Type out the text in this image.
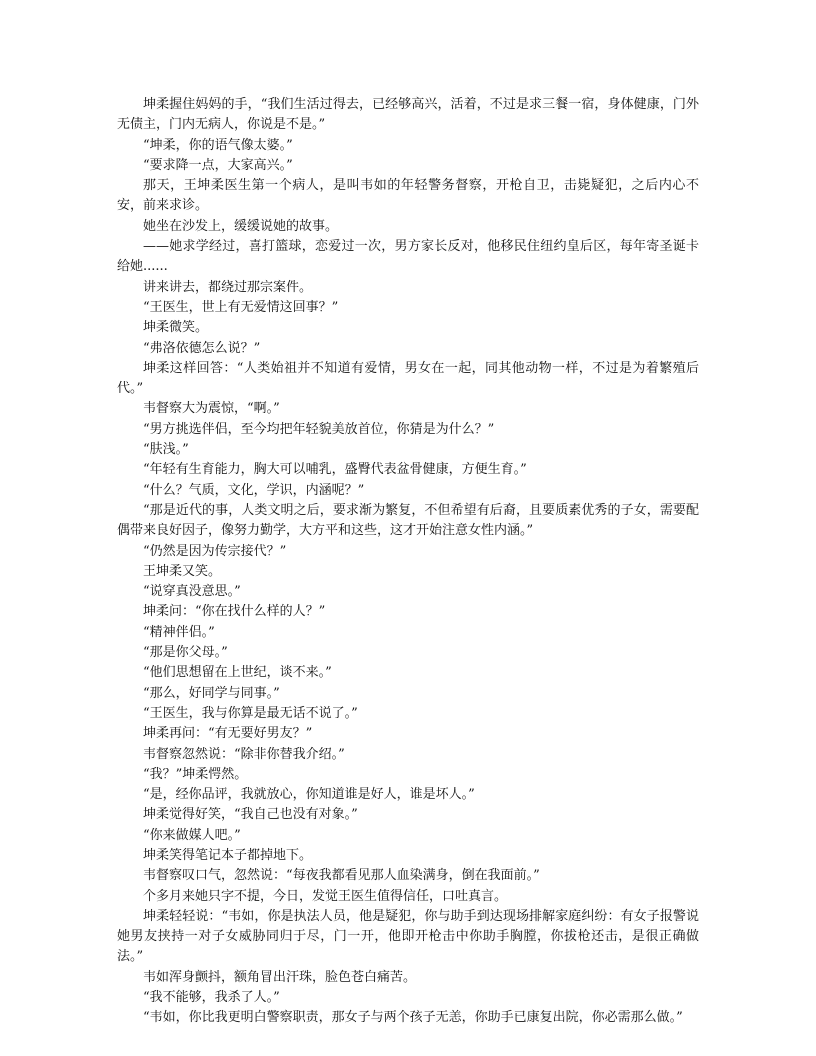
坤柔握住妈妈的手，“我们生活过得去，已经够高兴，活着，不过是求三餐一宿，身体健康，门外无债主，门内无病人，你说是不是。”

“坤柔，你的语气像太婆。”

“要求降一点，大家高兴。”

那天，王坤柔医生第一个病人，是叫韦如的年轻警务督察，开枪自卫，击毙疑犯，之后内心不安，前来求诊。

她坐在沙发上，缓缓说她的故事。

——她求学经过，喜打篮球，恋爱过一次，男方家长反对，他移民住纽约皇后区，每年寄圣诞卡给她......

讲来讲去，都绕过那宗案件。

“王医生，世上有无爱情这回事？”

坤柔微笑。

“弗洛依德怎么说？”

坤柔这样回答：“人类始祖并不知道有爱情，男女在一起，同其他动物一样，不过是为着繁殖后代。”

韦督察大为震惊，“啊。”

“男方挑选伴侣，至今均把年轻貌美放首位，你猜是为什么？”

“肤浅。”

“年轻有生育能力，胸大可以哺乳，盛臀代表盆骨健康，方便生育。”

“什么？气质，文化，学识，内涵呢？”

“那是近代的事，人类文明之后，要求渐为繁复，不但希望有后裔，且要质素优秀的子女，需要配偶带来良好因子，像努力勤学，大方平和这些，这才开始注意女性内涵。”

“仍然是因为传宗接代？”

王坤柔又笑。

“说穿真没意思。”

坤柔问：“你在找什么样的人？”

“精神伴侣。”

“那是你父母。”

“他们思想留在上世纪，谈不来。”

“那么，好同学与同事。”

“王医生，我与你算是最无话不说了。”

坤柔再问：“有无要好男友？”

韦督察忽然说：“除非你替我介绍。”

“我？”坤柔愕然。

“是，经你品评，我就放心，你知道谁是好人，谁是坏人。”

坤柔觉得好笑，“我自己也没有对象。”

“你来做媒人吧。”

坤柔笑得笔记本子都掉地下。

韦督察叹口气，忽然说：“每夜我都看见那人血染满身，倒在我面前。”

个多月来她只字不提，今日，发觉王医生值得信任，口吐真言。

坤柔轻轻说：“韦如，你是执法人员，他是疑犯，你与助手到达现场排解家庭纠纷：有女子报警说她男友挟持一对子女威胁同归于尽，门一开，他即开枪击中你助手胸膛，你拔枪还击，是很正确做法。”

韦如浑身颤抖，额角冒出汗珠，脸色苍白痛苦。

“我不能够，我杀了人。”

“韦如，你比我更明白警察职责，那女子与两个孩子无恙，你助手已康复出院，你必需那么做。”
